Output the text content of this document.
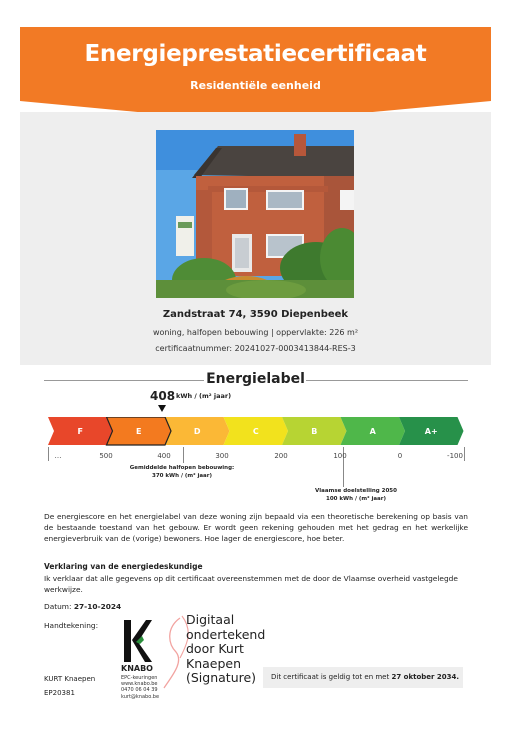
Energieprestatiecertificaat
Residentiële eenheid
Zandstraat 74, 3590 Diepenbeek
woning, halfopen bebouwing | oppervlakte: 226 m²
certificaatnummer: 20241027-0003413844-RES-3
Energielabel
408 kWh / (m² jaar)
F	D	C	B	A	A+
E
…	500	400	300	200	100	0	-100
Gemiddelde halfopen bebouwing:
370 kWh / (m² jaar)
Vlaamse doelstelling 2050
100 kWh / (m² jaar)
De energiescore en het energielabel van deze woning zijn bepaald via een theoretische berekening op basis van de bestaande toestand van het gebouw. Er wordt geen rekening gehouden met het gedrag en het werkelijke energieverbruik van de (vorige) bewoners. Hoe lager de energiescore, hoe beter.
Verklaring van de energiedeskundige
Ik verklaar dat alle gegevens op dit certificaat overeenstemmen met de door de Vlaamse overheid vastgelegde werkwijze.
Datum: 27-10-2024
Handtekening:
KNABO
EPC-keuringen
www.knabo.be
0470 06 04 39
kurt@knabo.be
Digitaal
ondertekend
door Kurt
Knaepen
(Signature)
KURT Knaepen
EP20381
Dit certificaat is geldig tot en met 27 oktober 2034.
